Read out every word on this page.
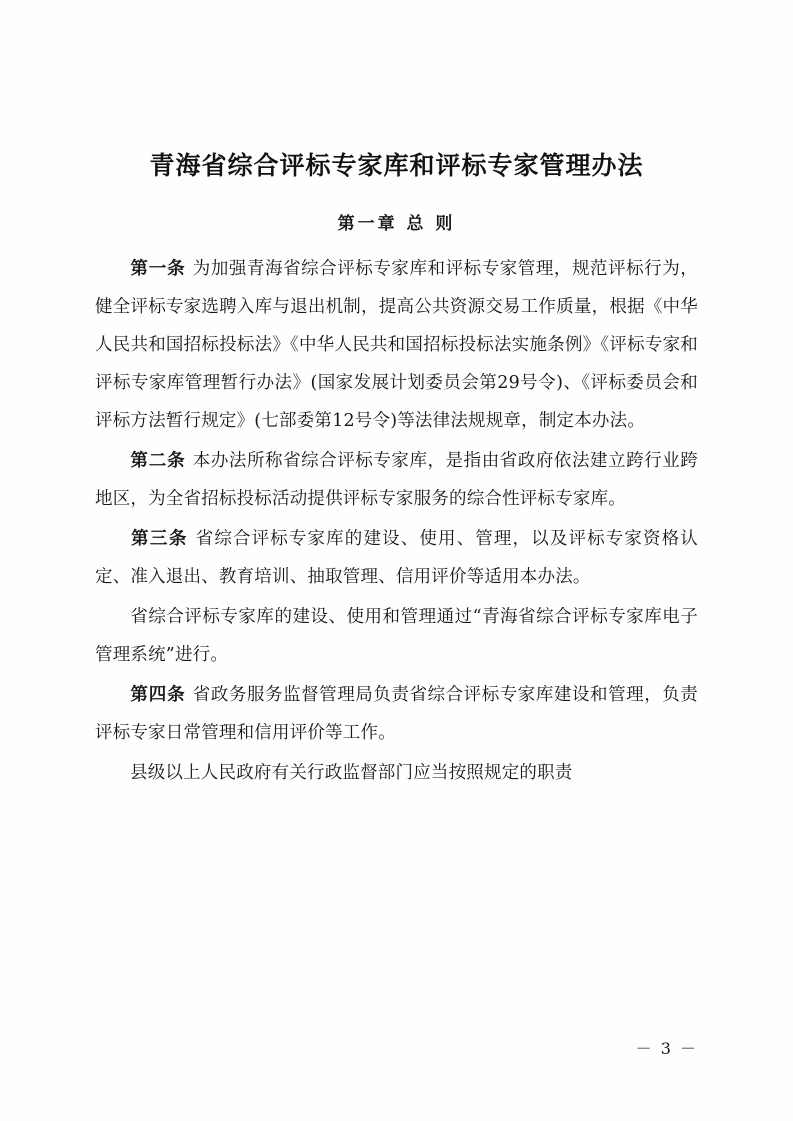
青海省综合评标专家库和评标专家管理办法
第一章 总 则

第一条 为加强青海省综合评标专家库和评标专家管理，规范评标行为，健全评标专家选聘入库与退出机制，提高公共资源交易工作质量，根据《中华人民共和国招标投标法》《中华人民共和国招标投标法实施条例》《评标专家和评标专家库管理暂行办法》(国家发展计划委员会第29号令)、《评标委员会和评标方法暂行规定》(七部委第12号令)等法律法规规章，制定本办法。

第二条 本办法所称省综合评标专家库，是指由省政府依法建立跨行业跨地区，为全省招标投标活动提供评标专家服务的综合性评标专家库。

第三条 省综合评标专家库的建设、使用、管理，以及评标专家资格认定、准入退出、教育培训、抽取管理、信用评价等适用本办法。

省综合评标专家库的建设、使用和管理通过“青海省综合评标专家库电子管理系统”进行。

第四条 省政务服务监督管理局负责省综合评标专家库建设和管理，负责评标专家日常管理和信用评价等工作。

县级以上人民政府有关行政监督部门应当按照规定的职责

－ 3 －
